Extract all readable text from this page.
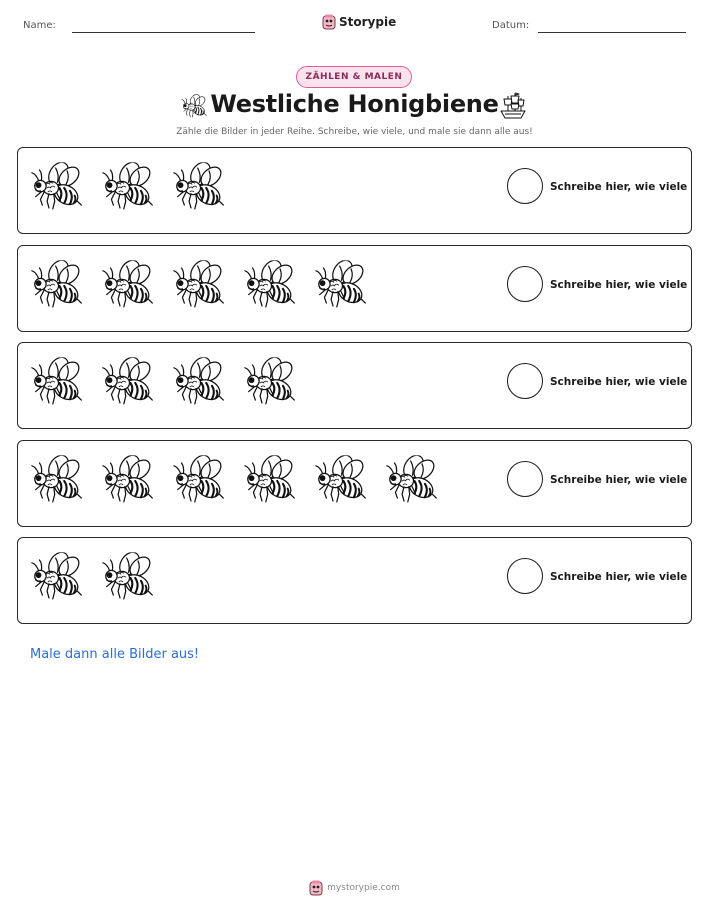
Name:	Storypie	Datum:
ZÄHLEN & MALEN
Westliche Honigbiene
Zähle die Bilder in jeder Reihe. Schreibe, wie viele, und male sie dann alle aus!
Schreibe hier, wie viele
Schreibe hier, wie viele
Schreibe hier, wie viele
Schreibe hier, wie viele
Schreibe hier, wie viele
Male dann alle Bilder aus!
mystorypie.com
